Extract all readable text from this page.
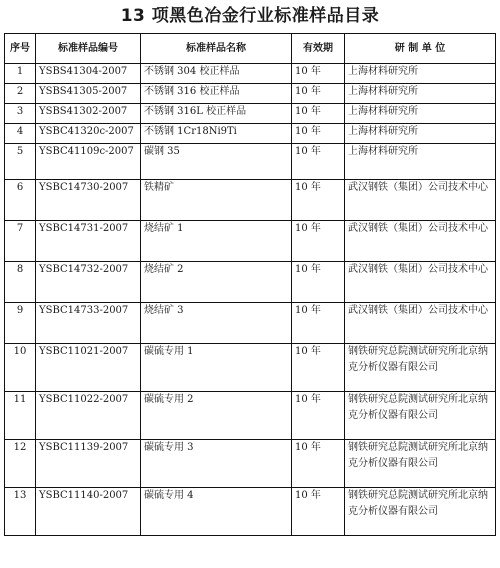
13 项黑色冶金行业标准样品目录
序号	标准样品编号	标准样品名称	有效期	研 制 单 位
1	YSBS41304-2007	不锈钢 304 校正样品	10 年	上海材料研究所
2	YSBS41305-2007	不锈钢 316 校正样品	10 年	上海材料研究所
3	YSBS41302-2007	不锈钢 316L 校正样品	10 年	上海材料研究所
4	YSBC41320c-2007	不锈钢 1Cr18Ni9Ti	10 年	上海材料研究所
5	YSBC41109c-2007	碳钢 35	10 年	上海材料研究所
6	YSBC14730-2007	铁精矿	10 年	武汉钢铁（集团）公司技术中心
7	YSBC14731-2007	烧结矿 1	10 年	武汉钢铁（集团）公司技术中心
8	YSBC14732-2007	烧结矿 2	10 年	武汉钢铁（集团）公司技术中心
9	YSBC14733-2007	烧结矿 3	10 年	武汉钢铁（集团）公司技术中心
10	YSBC11021-2007	碳硫专用 1	10 年	钢铁研究总院测试研究所北京纳克分析仪器有限公司
11	YSBC11022-2007	碳硫专用 2	10 年	钢铁研究总院测试研究所北京纳克分析仪器有限公司
12	YSBC11139-2007	碳硫专用 3	10 年	钢铁研究总院测试研究所北京纳克分析仪器有限公司
13	YSBC11140-2007	碳硫专用 4	10 年	钢铁研究总院测试研究所北京纳克分析仪器有限公司
